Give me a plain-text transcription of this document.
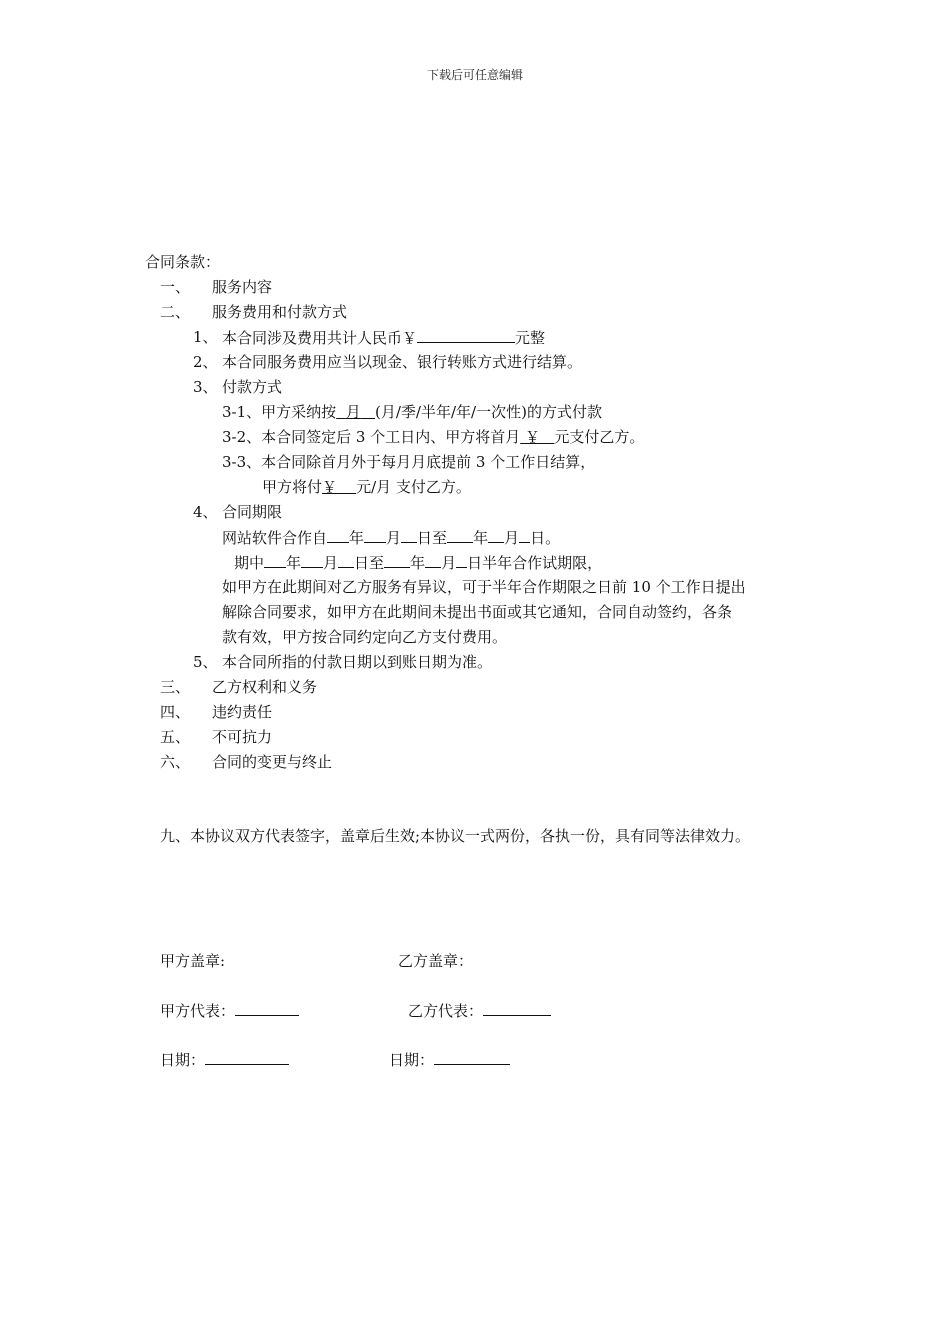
下载后可任意编辑
合同条款：
一、 服务内容
二、 服务费用和付款方式
1、 本合同涉及费用共计人民币￥	元整
2、 本合同服务费用应当以现金、银行转账方式进行结算。
3、 付款方式
3-1、甲方采纳按 月 (月/季/半年/年/一次性)的方式付款
3-2、本合同签定后 3 个工日内、甲方将首月 ￥ 元支付乙方。
3-3、本合同除首月外于每月月底提前 3 个工作日结算，
甲方将付￥ 元/月 支付乙方。
4、 合同期限
网站软件合作自 年 月 日至 年 月 日。
期中 年 月 日至 年 月 日半年合作试期限，
如甲方在此期间对乙方服务有异议，可于半年合作期限之日前 10 个工作日提出
解除合同要求，如甲方在此期间未提出书面或其它通知，合同自动签约，各条
款有效，甲方按合同约定向乙方支付费用。
5、 本合同所指的付款日期以到账日期为准。
三、 乙方权利和义务
四、 违约责任
五、 不可抗力
六、 合同的变更与终止
九、本协议双方代表签字，盖章后生效;本协议一式两份，各执一份，具有同等法律效力。
甲方盖章:	乙方盖章：
甲方代表：	乙方代表：
日期：	日期：
